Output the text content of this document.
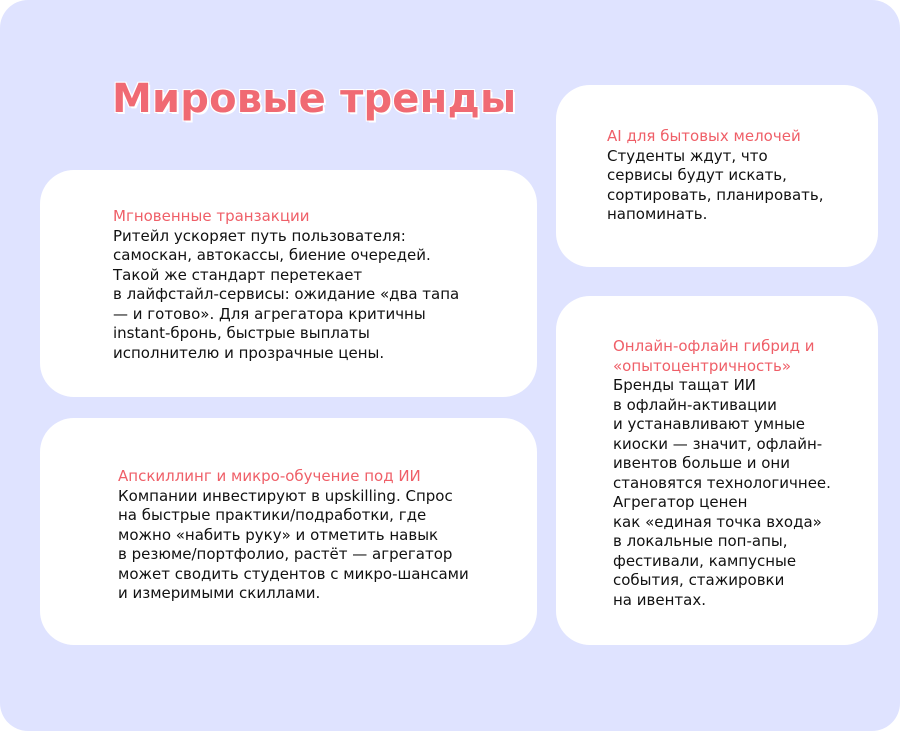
Мировые тренды
Мгновенные транзакции
Ритейл ускоряет путь пользователя:
самоскан, автокассы, биение очередей.
Такой же стандарт перетекает
в лайфстайл-сервисы: ожидание «два тапа
— и готово». Для агрегатора критичны
instant-бронь, быстрые выплаты
исполнителю и прозрачные цены.
Апскиллинг и микро-обучение под ИИ
Компании инвестируют в upskilling. Спрос
на быстрые практики/подработки, где
можно «набить руку» и отметить навык
в резюме/портфолио, растёт — агрегатор
может сводить студентов с микро-шансами
и измеримыми скиллами.
AI для бытовых мелочей
Студенты ждут, что
сервисы будут искать,
сортировать, планировать,
напоминать.
Онлайн-офлайн гибрид и
«опытоцентричность»
Бренды тащат ИИ
в офлайн-активации
и устанавливают умные
киоски — значит, офлайн-
ивентов больше и они
становятся технологичнее.
Агрегатор ценен
как «единая точка входа»
в локальные поп-апы,
фестивали, кампусные
события, стажировки
на ивентах.
